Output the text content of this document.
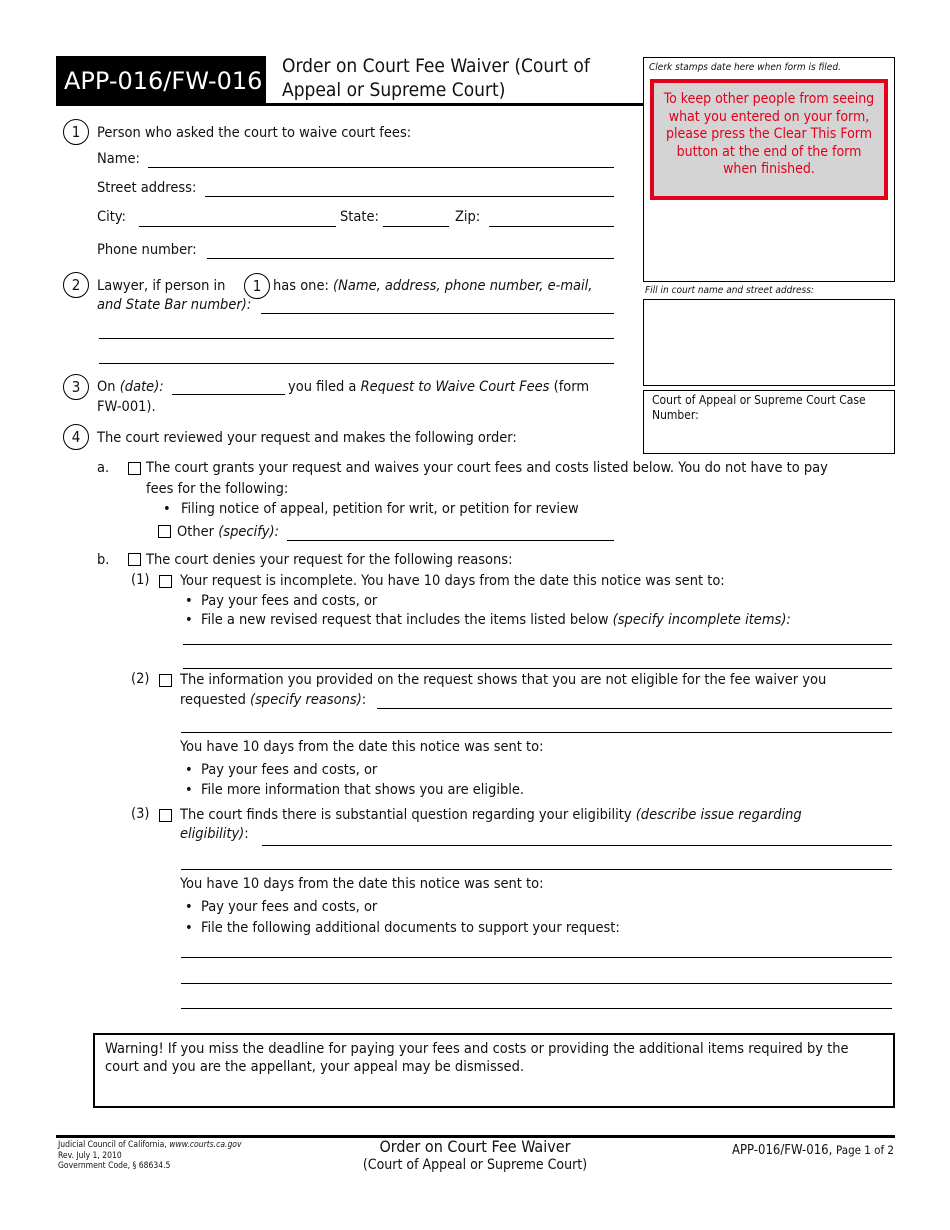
APP-016/FW-016
Order on Court Fee Waiver (Court of Appeal or Supreme Court)
Clerk stamps date here when form is filed.
To keep other people from seeing what you entered on your form, please press the Clear This Form button at the end of the form when finished.
Fill in court name and street address:
Court of Appeal or Supreme Court Case Number:
1	Person who asked the court to waive court fees:
Name:
Street address:
City:	State:	Zip:
Phone number:
2	Lawyer, if person in	1 has one: (Name, address, phone number, e-mail,
and State Bar number):
3	On (date):	you filed a Request to Waive Court Fees (form
FW-001).
4	The court reviewed your request and makes the following order:
a.	The court grants your request and waives your court fees and costs listed below. You do not have to pay
fees for the following:
• Filing notice of appeal, petition for writ, or petition for review
Other (specify):
b.	The court denies your request for the following reasons:
(1) Your request is incomplete. You have 10 days from the date this notice was sent to:
• Pay your fees and costs, or
• File a new revised request that includes the items listed below (specify incomplete items):
(2) The information you provided on the request shows that you are not eligible for the fee waiver you
requested (specify reasons):
You have 10 days from the date this notice was sent to:
• Pay your fees and costs, or
• File more information that shows you are eligible.
(3) The court finds there is substantial question regarding your eligibility (describe issue regarding
eligibility):
You have 10 days from the date this notice was sent to:
• Pay your fees and costs, or
• File the following additional documents to support your request:
Warning! If you miss the deadline for paying your fees and costs or providing the additional items required by the
court and you are the appellant, your appeal may be dismissed.
Judicial Council of California, www.courts.ca.gov
Rev. July 1, 2010
Government Code, § 68634.5
Order on Court Fee Waiver
(Court of Appeal or Supreme Court)
APP-016/FW-016, Page 1 of 2
